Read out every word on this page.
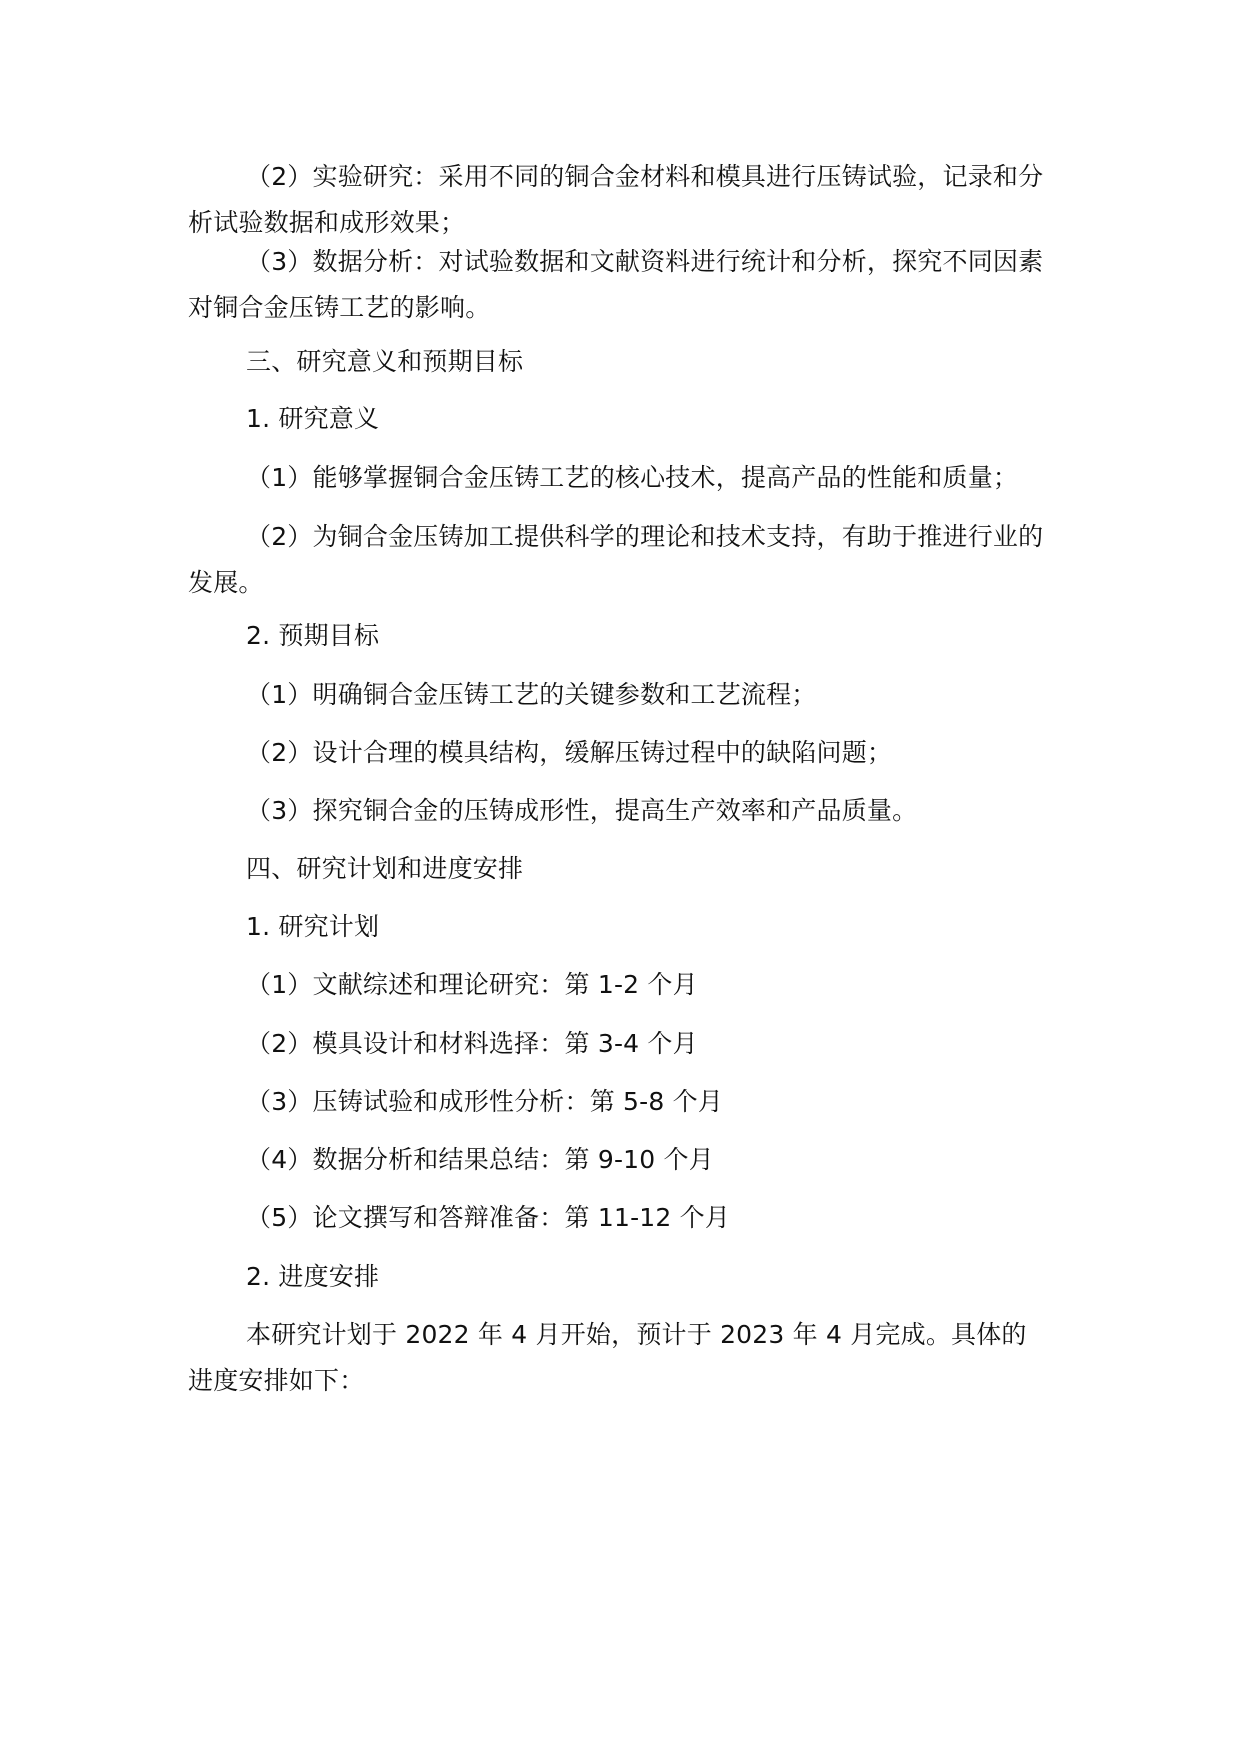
（2）实验研究：采用不同的铜合金材料和模具进行压铸试验，记录和分析试验数据和成形效果；

（3）数据分析：对试验数据和文献资料进行统计和分析，探究不同因素对铜合金压铸工艺的影响。

三、研究意义和预期目标

1. 研究意义

（1）能够掌握铜合金压铸工艺的核心技术，提高产品的性能和质量；

（2）为铜合金压铸加工提供科学的理论和技术支持，有助于推进行业的发展。

2. 预期目标

（1）明确铜合金压铸工艺的关键参数和工艺流程；

（2）设计合理的模具结构，缓解压铸过程中的缺陷问题；

（3）探究铜合金的压铸成形性，提高生产效率和产品质量。

四、研究计划和进度安排

1. 研究计划

（1）文献综述和理论研究：第 1-2 个月

（2）模具设计和材料选择：第 3-4 个月

（3）压铸试验和成形性分析：第 5-8 个月

（4）数据分析和结果总结：第 9-10 个月

（5）论文撰写和答辩准备：第 11-12 个月

2. 进度安排

本研究计划于 2022 年 4 月开始，预计于 2023 年 4 月完成。具体的进度安排如下：
